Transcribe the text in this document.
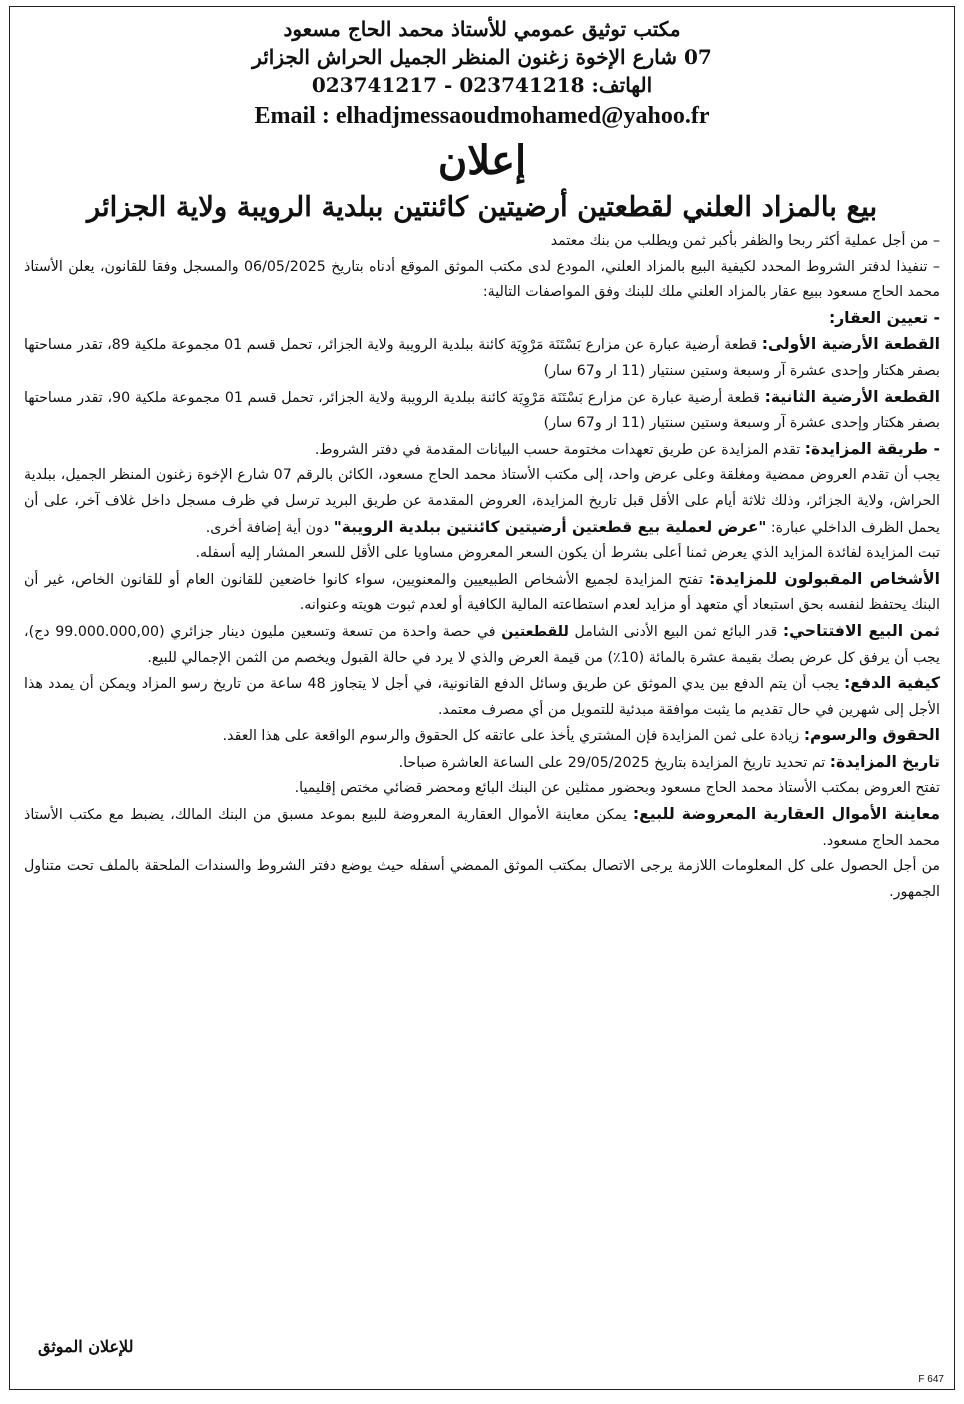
مكتب توثيق عمومي للأستاذ محمد الحاج مسعود
07 شارع الإخوة زغنون المنظر الجميل الحراش الجزائر
الهاتف: 023741218 - 023741217
Email : elhadjmessaoudmohamed@yahoo.fr
إعلان
بيع بالمزاد العلني لقطعتين أرضيتين كائنتين ببلدية الرويبة ولاية الجزائر

– من أجل عملية أكثر ربحا والظفر بأكبر ثمن ويطلب من بنك معتمد

– تنفيذا لدفتر الشروط المحدد لكيفية البيع بالمزاد العلني، المودع لدى مكتب الموثق الموقع أدناه بتاريخ 06/05/2025 والمسجل وفقا للقانون، يعلن الأستاذ محمد الحاج مسعود ببيع عقار بالمزاد العلني ملك للبنك وفق المواصفات التالية:

- تعيين العقار:

القطعة الأرضية الأولى: قطعة أرضية عبارة عن مزارع بَسْتَنَة مَرْوِيَة كائنة ببلدية الرويبة ولاية الجزائر، تحمل قسم 01 مجموعة ملكية 89، تقدر مساحتها بصفر هكتار وإحدى عشرة آر وسبعة وستين سنتيار (11 ار و67 سار)

القطعة الأرضية الثانية: قطعة أرضية عبارة عن مزارع بَسْتَنَة مَرْوِيَة كائنة ببلدية الرويبة ولاية الجزائر، تحمل قسم 01 مجموعة ملكية 90، تقدر مساحتها بصفر هكتار وإحدى عشرة آر وسبعة وستين سنتيار (11 ار و67 سار)

- طريقة المزايدة: تقدم المزايدة عن طريق تعهدات مختومة حسب البيانات المقدمة في دفتر الشروط.

يجب أن تقدم العروض ممضية ومغلقة وعلى عرض واحد، إلى مكتب الأستاذ محمد الحاج مسعود، الكائن بالرقم 07 شارع الإخوة زغنون المنظر الجميل، ببلدية الحراش، ولاية الجزائر، وذلك ثلاثة أيام على الأقل قبل تاريخ المزايدة، العروض المقدمة عن طريق البريد ترسل في ظرف مسجل داخل غلاف آخر، على أن يحمل الظرف الداخلي عبارة: "عرض لعملية بيع قطعتين أرضيتين كائنتين ببلدية الرويبة" دون أية إضافة أخرى.

تبت المزايدة لفائدة المزايد الذي يعرض ثمنا أعلى بشرط أن يكون السعر المعروض مساويا على الأقل للسعر المشار إليه أسفله.

الأشخاص المقبولون للمزايدة: تفتح المزايدة لجميع الأشخاص الطبيعيين والمعنويين، سواء كانوا خاضعين للقانون العام أو للقانون الخاص، غير أن البنك يحتفظ لنفسه بحق استبعاد أي متعهد أو مزايد لعدم استطاعته المالية الكافية أو لعدم ثبوت هويته وعنوانه.

ثمن البيع الافتتاحي: قدر البائع ثمن البيع الأدنى الشامل للقطعتين في حصة واحدة من تسعة وتسعين مليون دينار جزائري (99.000.000,00 دج)، يجب أن يرفق كل عرض بصك بقيمة عشرة بالمائة (10٪) من قيمة العرض والذي لا يرد في حالة القبول ويخصم من الثمن الإجمالي للبيع.

كيفية الدفع: يجب أن يتم الدفع بين يدي الموثق عن طريق وسائل الدفع القانونية، في أجل لا يتجاوز 48 ساعة من تاريخ رسو المزاد ويمكن أن يمدد هذا الأجل إلى شهرين في حال تقديم ما يثبت موافقة مبدئية للتمويل من أي مصرف معتمد.

الحقوق والرسوم: زيادة على ثمن المزايدة فإن المشتري يأخذ على عاتقه كل الحقوق والرسوم الواقعة على هذا العقد.

تاريخ المزايدة: تم تحديد تاريخ المزايدة بتاريخ 29/05/2025 على الساعة العاشرة صباحا.

تفتح العروض بمكتب الأستاذ محمد الحاج مسعود وبحضور ممثلين عن البنك البائع ومحضر قضائي مختص إقليميا.

معاينة الأموال العقارية المعروضة للبيع: يمكن معاينة الأموال العقارية المعروضة للبيع بموعد مسبق من البنك المالك، يضبط مع مكتب الأستاذ محمد الحاج مسعود.

من أجل الحصول على كل المعلومات اللازمة يرجى الاتصال بمكتب الموثق الممضي أسفله حيث يوضع دفتر الشروط والسندات الملحقة بالملف تحت متناول الجمهور.

للإعلان الموثق
F 647
